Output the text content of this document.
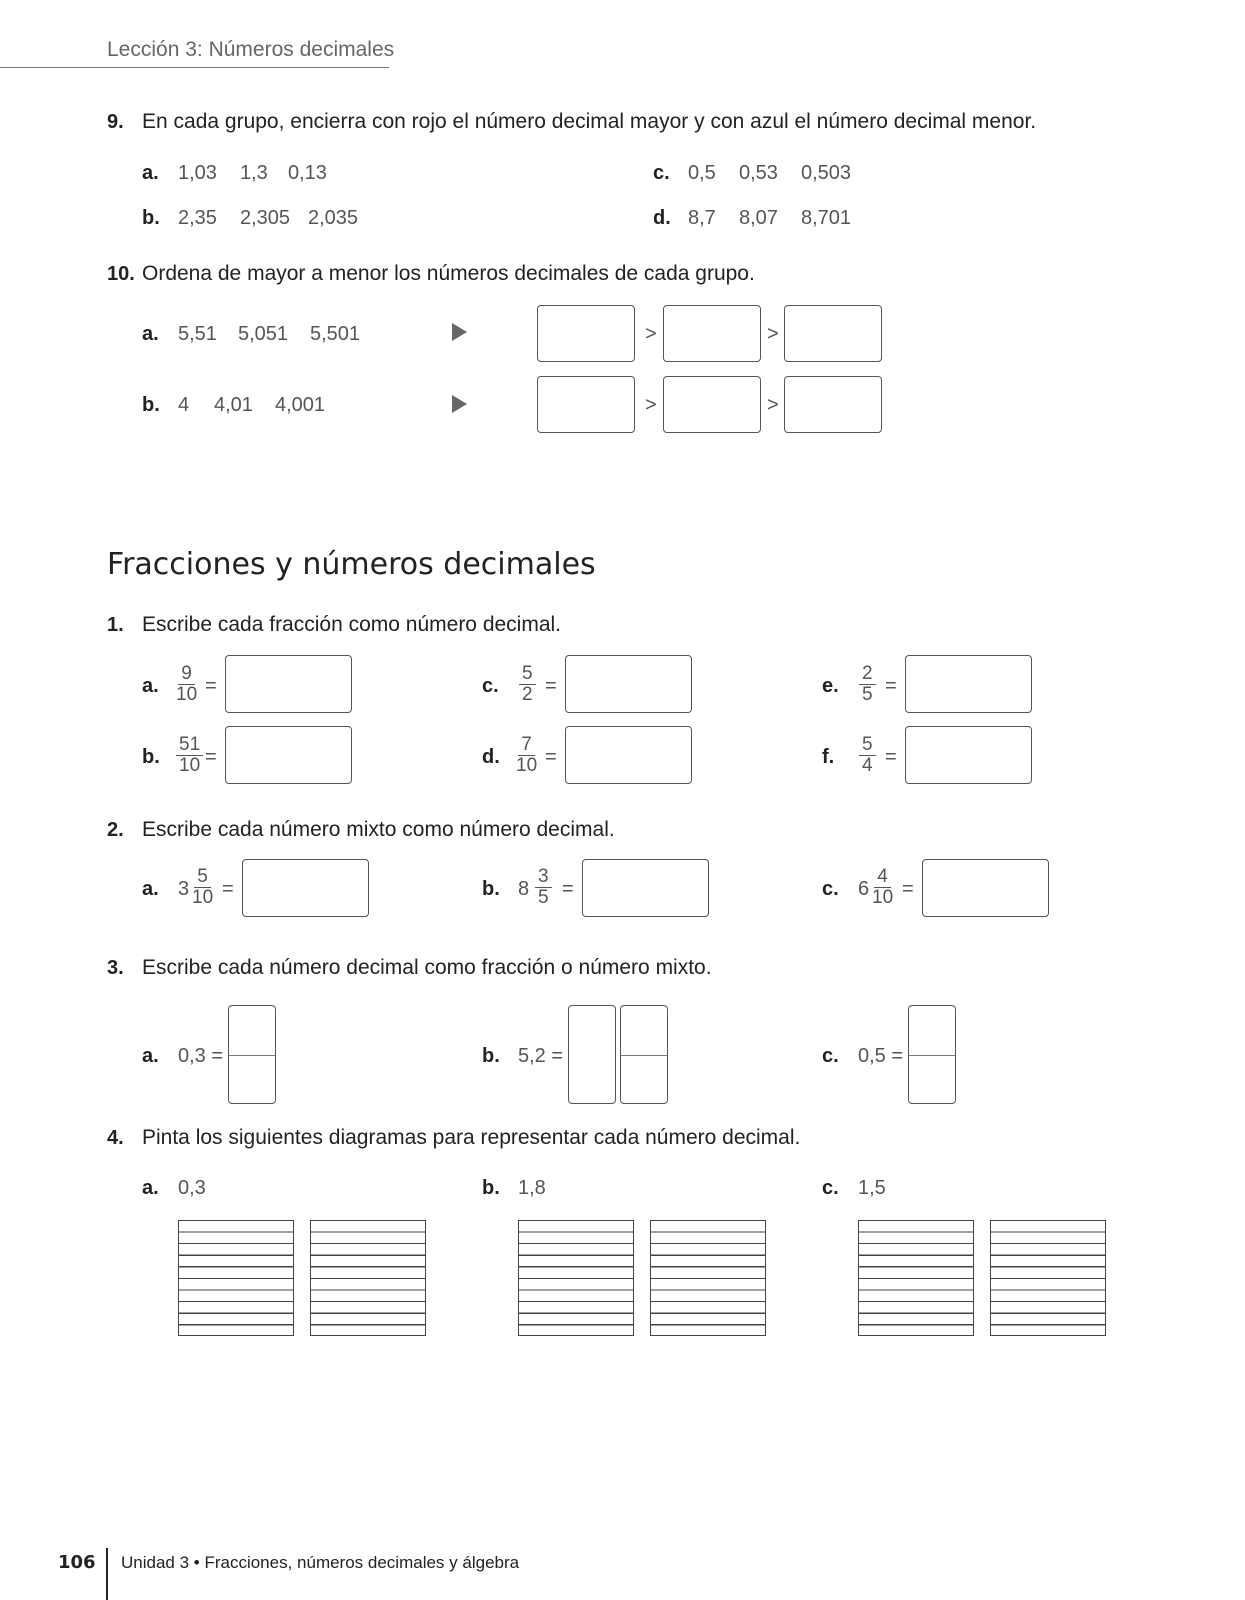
Lección 3: Números decimales
9. En cada grupo, encierra con rojo el número decimal mayor y con azul el número decimal menor.
a. 1,03 1,3 0,13
b. 2,35 2,305 2,035
c. 0,5 0,53 0,503
d. 8,7 8,07 8,701
10. Ordena de mayor a menor los números decimales de cada grupo.
a. 5,51 5,051 5,501	>	>
b. 4 4,01 4,001	>	>
Fracciones y números decimales
1. Escribe cada fracción como número decimal.
a. $\frac{9}{10}$ =
b. $\frac{51}{10}$ =
c. $\frac{5}{2}$ =
d. $\frac{7}{10}$ =
e. $\frac{2}{5}$ =
f. $\frac{5}{4}$ =
2. Escribe cada número mixto como número decimal.
a. $3 \frac{5}{10}$ =	b. $8 \frac{3}{5}$ =	c. $6 \frac{4}{10}$ =
3. Escribe cada número decimal como fracción o número mixto.
a. 0,3 =	b. 5,2 =	c. 0,5 =
4. Pinta los siguientes diagramas para representar cada número decimal.
a. 0,3	b. 1,8	c. 1,5
106 Unidad 3 • Fracciones, números decimales y álgebra
